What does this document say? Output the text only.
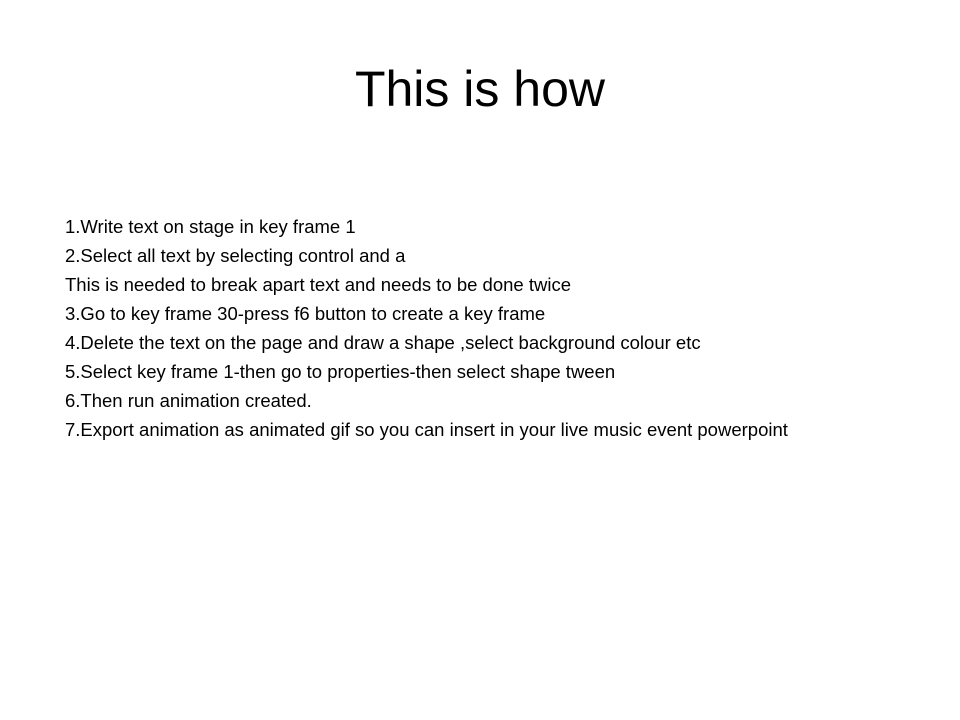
This is how
1.Write text on stage in key frame 1
2.Select all text by selecting control and a
This is needed to break apart text and needs to be done twice
3.Go to key frame 30-press f6 button to create a key frame
4.Delete the text on the page and draw a shape ,select background colour etc
5.Select key frame 1-then go to properties-then select shape tween
6.Then run animation created.
7.Export animation as animated gif so you can insert in your live music event powerpoint
